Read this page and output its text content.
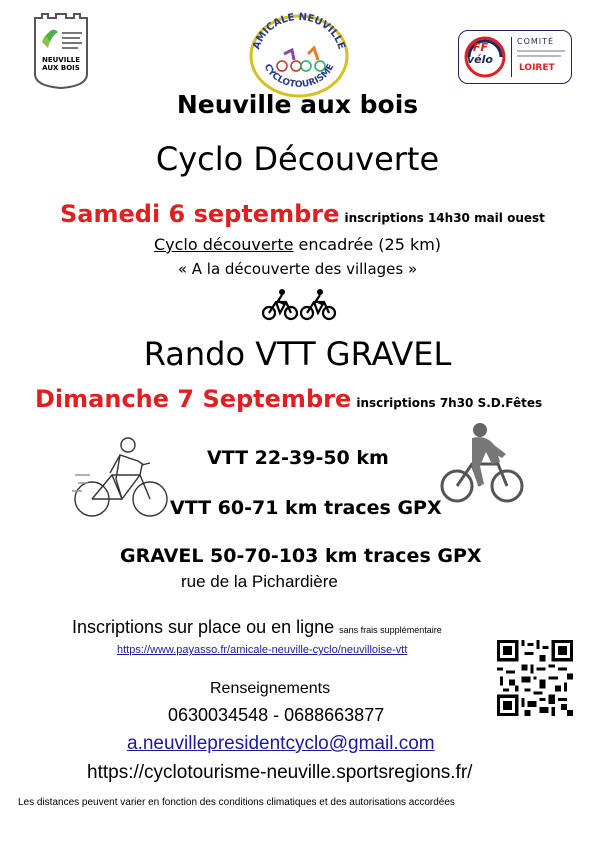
NEUVILLE
AUX BOIS
AMICALE NEUVILLE
CYCLOTOURISME
FF
vélo
COMITÉ
LOIRET
Neuville aux bois
Cyclo Découverte
Samedi 6 septembre inscriptions 14h30 mail ouest
Cyclo découverte encadrée (25 km)
« A la découverte des villages »
Rando VTT GRAVEL
Dimanche 7 Septembre inscriptions 7h30 S.D.Fêtes
VTT 22-39-50 km
VTT 60-71 km traces GPX
GRAVEL 50-70-103 km traces GPX
rue de la Pichardière
Inscriptions sur place ou en ligne sans frais supplémentaire
https://www.payasso.fr/amicale-neuville-cyclo/neuvilloise-vtt
Renseignements
0630034548 - 0688663877
a.neuvillepresidentcyclo@gmail.com
https://cyclotourisme-neuville.sportsregions.fr/
Les distances peuvent varier en fonction des conditions climatiques et des autorisations accordées
